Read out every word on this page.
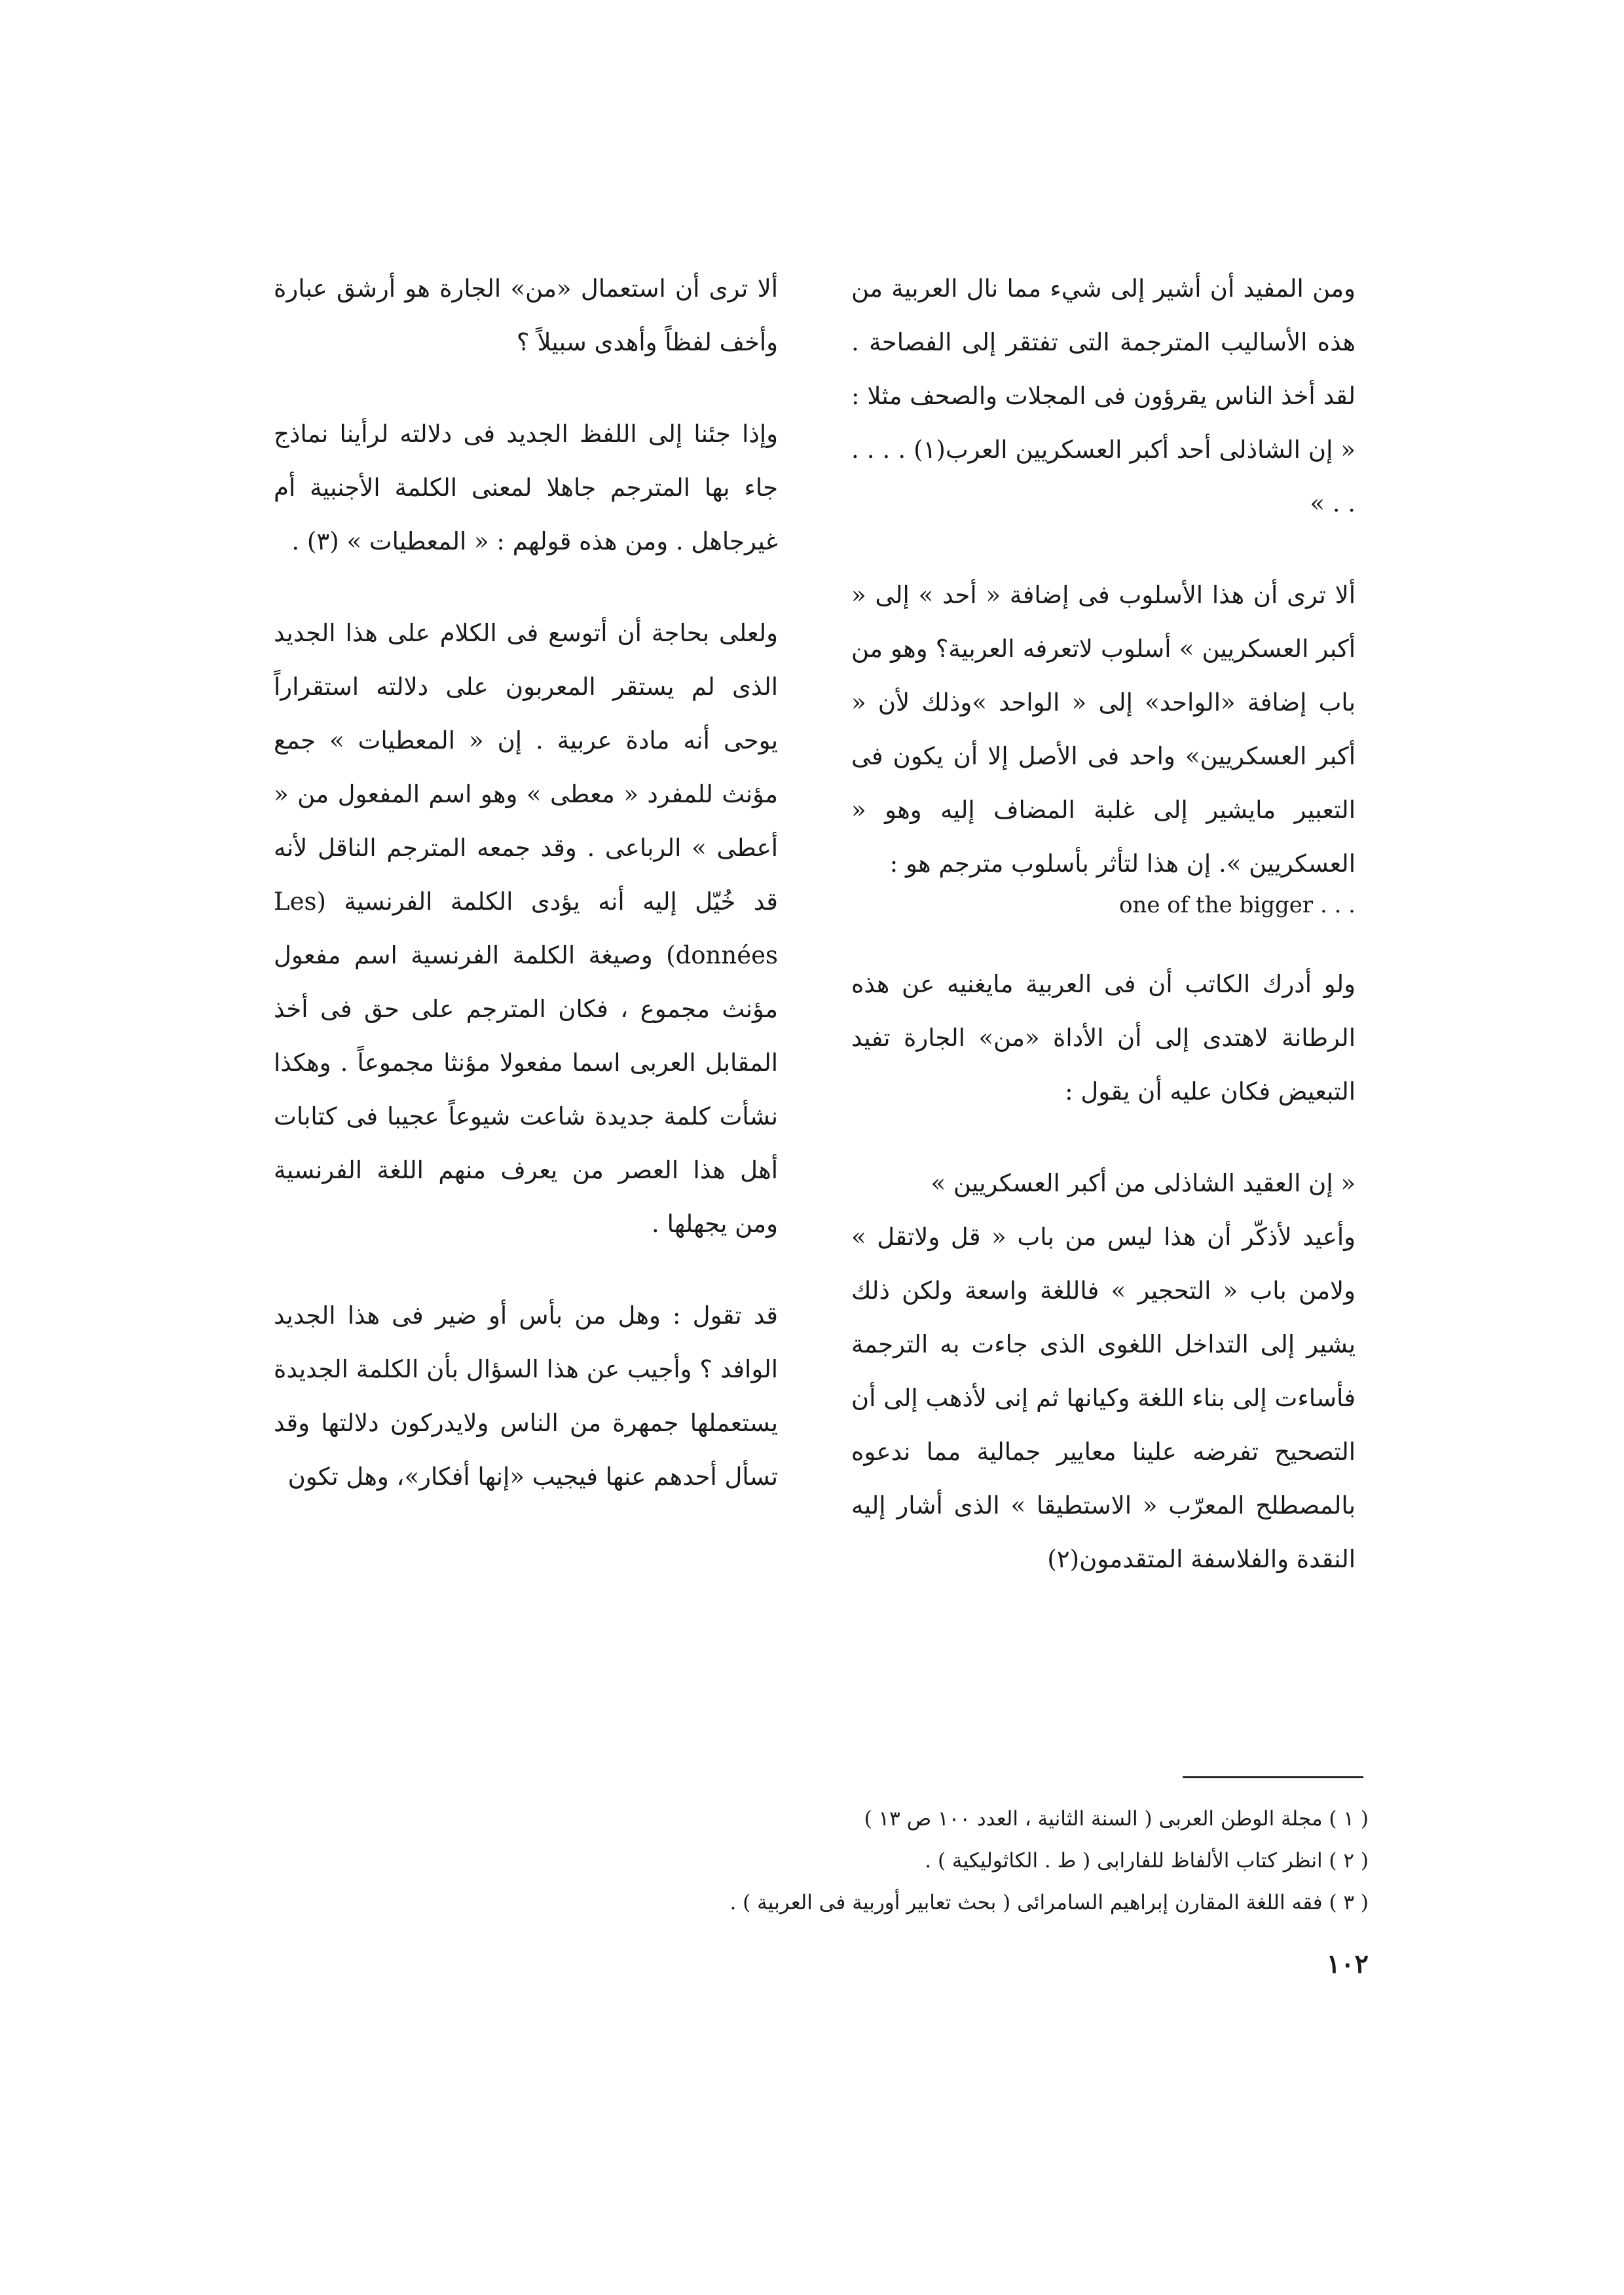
ومن المفيد أن أشير إلى شيء مما نال العربية من هذه الأساليب المترجمة التى تفتقر إلى الفصاحة . لقد أخذ الناس يقرؤون فى المجلات والصحف مثلا : « إن الشاذلى أحد أكبر العسكريين العرب(١) . . . . . . »

ألا ترى أن هذا الأسلوب فى إضافة « أحد » إلى « أكبر العسكريين » أسلوب لاتعرفه العربية؟ وهو من باب إضافة «الواحد» إلى « الواحد »وذلك لأن « أكبر العسكريين» واحد فى الأصل إلا أن يكون فى التعبير مايشير إلى غلبة المضاف إليه وهو « العسكريين ». إن هذا لتأثر بأسلوب مترجم هو :

one of the bigger . . .

ولو أدرك الكاتب أن فى العربية مايغنيه عن هذه الرطانة لاهتدى إلى أن الأداة «من» الجارة تفيد التبعيض فكان عليه أن يقول :

« إن العقيد الشاذلى من أكبر العسكريين »

وأعيد لأذكّر أن هذا ليس من باب « قل ولاتقل » ولامن باب « التحجير » فاللغة واسعة ولكن ذلك يشير إلى التداخل اللغوى الذى جاءت به الترجمة فأساءت إلى بناء اللغة وكيانها ثم إنى لأذهب إلى أن التصحيح تفرضه علينا معايير جمالية مما ندعوه بالمصطلح المعرّب « الاستطيقا » الذى أشار إليه النقدة والفلاسفة المتقدمون(٢)

ألا ترى أن استعمال «من» الجارة هو أرشق عبارة وأخف لفظاً وأهدى سبيلاً ؟

وإذا جئنا إلى اللفظ الجديد فى دلالته لرأينا نماذج جاء بها المترجم جاهلا لمعنى الكلمة الأجنبية أم غيرجاهل . ومن هذه قولهم : « المعطيات » (٣) .

ولعلى بحاجة أن أتوسع فى الكلام على هذا الجديد الذى لم يستقر المعربون على دلالته استقراراً يوحى أنه مادة عربية . إن « المعطيات » جمع مؤنث للمفرد « معطى » وهو اسم المفعول من « أعطى » الرباعى . وقد جمعه المترجم الناقل لأنه قد خُيّل إليه أنه يؤدى الكلمة الفرنسية (Les données) وصيغة الكلمة الفرنسية اسم مفعول مؤنث مجموع ، فكان المترجم على حق فى أخذ المقابل العربى اسما مفعولا مؤنثا مجموعاً . وهكذا نشأت كلمة جديدة شاعت شيوعاً عجيبا فى كتابات أهل هذا العصر من يعرف منهم اللغة الفرنسية ومن يجهلها .

قد تقول : وهل من بأس أو ضير فى هذا الجديد الوافد ؟ وأجيب عن هذا السؤال بأن الكلمة الجديدة يستعملها جمهرة من الناس ولايدركون دلالتها وقد تسأل أحدهم عنها فيجيب «إنها أفكار»، وهل تكون

( ١ ) مجلة الوطن العربى ( السنة الثانية ، العدد ١٠٠ ص ١٣ )
( ٢ ) انظر كتاب الألفاظ للفارابى ( ط . الكاثوليكية ) .
( ٣ ) فقه اللغة المقارن إبراهيم السامرائى ( بحث تعابير أوربية فى العربية ) .
١٠٢
